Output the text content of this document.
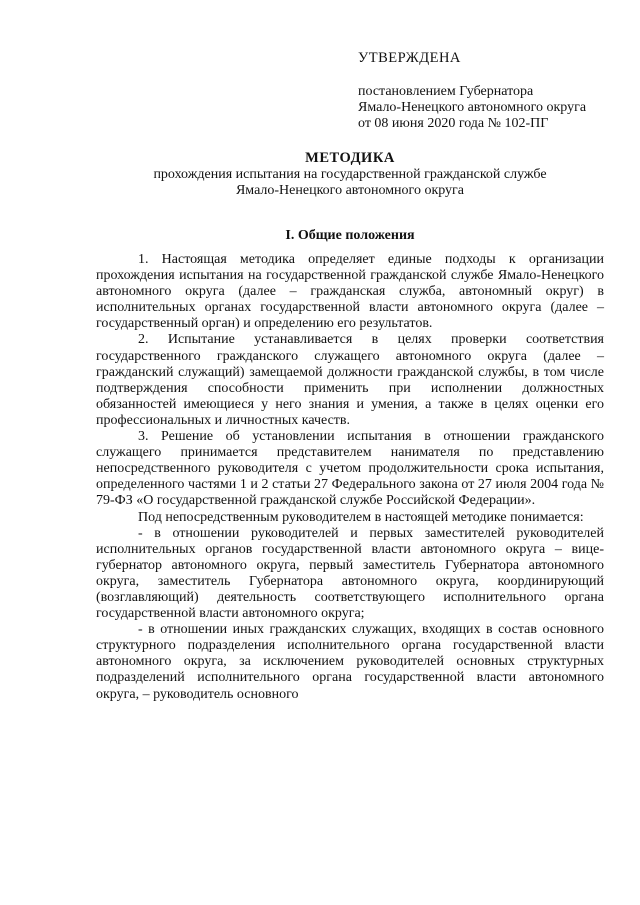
УТВЕРЖДЕНА
постановлением Губернатора
Ямало-Ненецкого автономного округа
от 08 июня 2020 года № 102-ПГ
МЕТОДИКА
прохождения испытания на государственной гражданской службе
Ямало-Ненецкого автономного округа
I. Общие положения

1. Настоящая методика определяет единые подходы к организации прохождения испытания на государственной гражданской службе Ямало-Ненецкого автономного округа (далее – гражданская служба, автономный округ) в исполнительных органах государственной власти автономного округа (далее – государственный орган) и определению его результатов.

2. Испытание устанавливается в целях проверки соответствия государственного гражданского служащего автономного округа (далее – гражданский служащий) замещаемой должности гражданской службы, в том числе подтверждения способности применить при исполнении должностных обязанностей имеющиеся у него знания и умения, а также в целях оценки его профессиональных и личностных качеств.

3. Решение об установлении испытания в отношении гражданского служащего принимается представителем нанимателя по представлению непосредственного руководителя с учетом продолжительности срока испытания, определенного частями 1 и 2 статьи 27 Федерального закона от 27 июля 2004 года № 79-ФЗ «О государственной гражданской службе Российской Федерации».

Под непосредственным руководителем в настоящей методике понимается:

- в отношении руководителей и первых заместителей руководителей исполнительных органов государственной власти автономного округа – вице-губернатор автономного округа, первый заместитель Губернатора автономного округа, заместитель Губернатора автономного округа, координирующий (возглавляющий) деятельность соответствующего исполнительного органа государственной власти автономного округа;

- в отношении иных гражданских служащих, входящих в состав основного структурного подразделения исполнительного органа государственной власти автономного округа, за исключением руководителей основных структурных подразделений исполнительного органа государственной власти автономного округа, – руководитель основного
